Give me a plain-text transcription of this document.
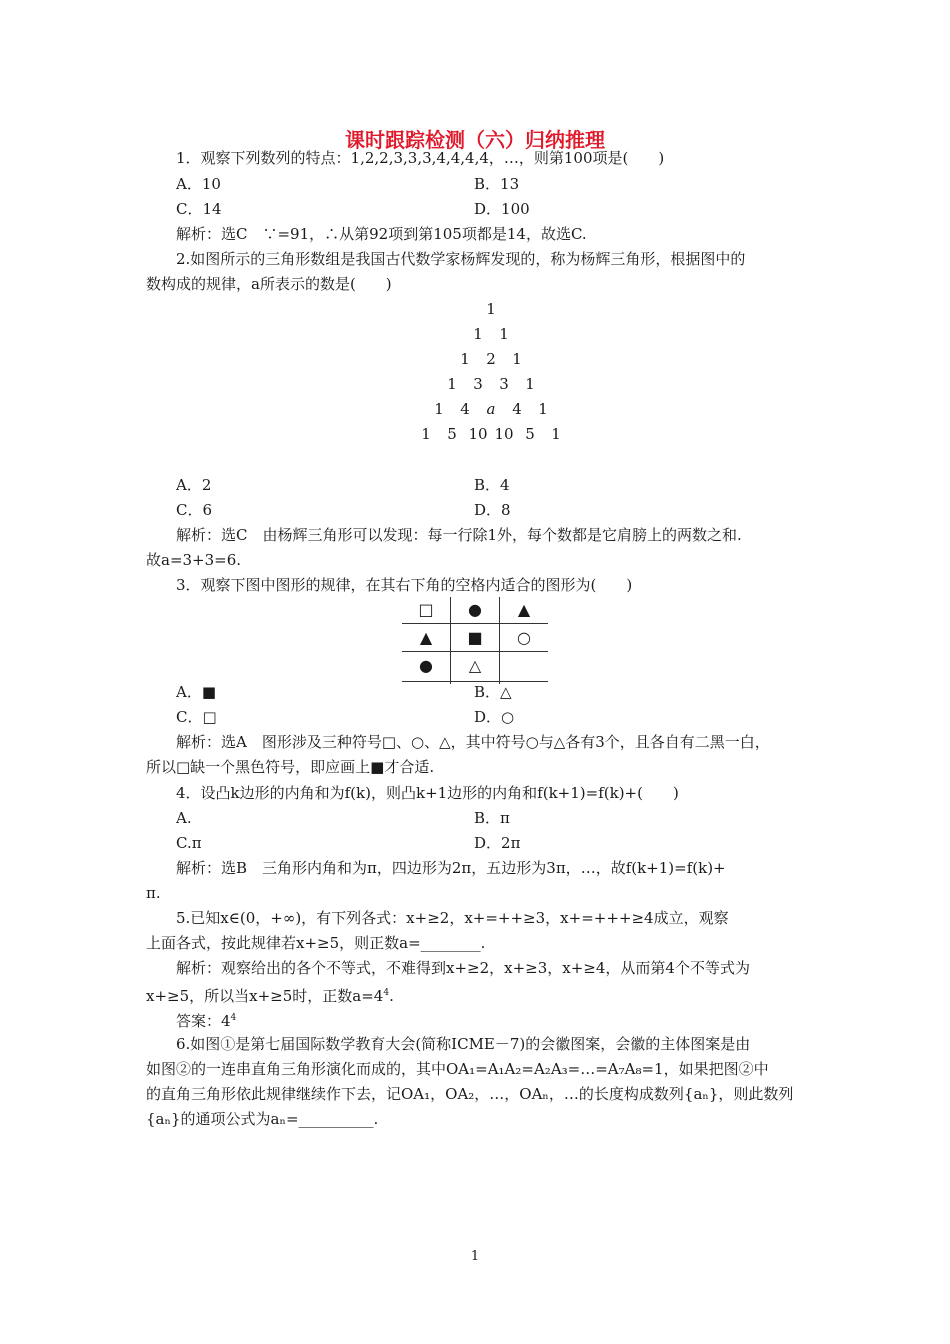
课时跟踪检测（六）归纳推理
1．观察下列数列的特点：1,2,2,3,3,3,4,4,4,4，…，则第100项是(　　)
A．10	B．13
C．14	D．100
解析：选C　∵=91，∴从第92项到第105项都是14，故选C.
2.如图所示的三角形数组是我国古代数学家杨辉发现的，称为杨辉三角形，根据图中的
数构成的规律，a所表示的数是(　　)
1
1 1
1 2 1
1 3 3 1
1 4 a 4 1
1 5 10 10 5 1
A．2	B．4
C．6	D．8
解析：选C　由杨辉三角形可以发现：每一行除1外，每个数都是它肩膀上的两数之和.
故a=3+3=6.
3．观察下图中图形的规律，在其右下角的空格内适合的图形为(　　)
□	●	▲
▲	■	○
●	△
A．■	B．△
C．□	D．○
解析：选A　图形涉及三种符号□、○、△，其中符号○与△各有3个，且各自有二黑一白，
所以□缺一个黑色符号，即应画上■才合适.
4．设凸k边形的内角和为f(k)，则凸k+1边形的内角和f(k+1)=f(k)+(　　)
A.	B．π
C.π	D．2π
解析：选B　三角形内角和为π，四边形为2π，五边形为3π，…，故f(k+1)=f(k)+
π.
5.已知x∈(0，+∞)，有下列各式：x+≥2，x+=++≥3，x+=+++≥4成立，观察
上面各式，按此规律若x+≥5，则正数a=________.
解析：观察给出的各个不等式，不难得到x+≥2，x+≥3，x+≥4，从而第4个不等式为
x+≥5，所以当x+≥5时，正数$a=4^4$.
答案：$4^4$
6.如图①是第七届国际数学教育大会(简称ICME－7)的会徽图案，会徽的主体图案是由
如图②的一连串直角三角形演化而成的，其中OA₁=A₁A₂=A₂A₃=…=A₇A₈=1，如果把图②中
的直角三角形依此规律继续作下去，记OA₁，OA₂，…，OAₙ，…的长度构成数列{aₙ}，则此数列
{aₙ}的通项公式为aₙ=__________.
1
